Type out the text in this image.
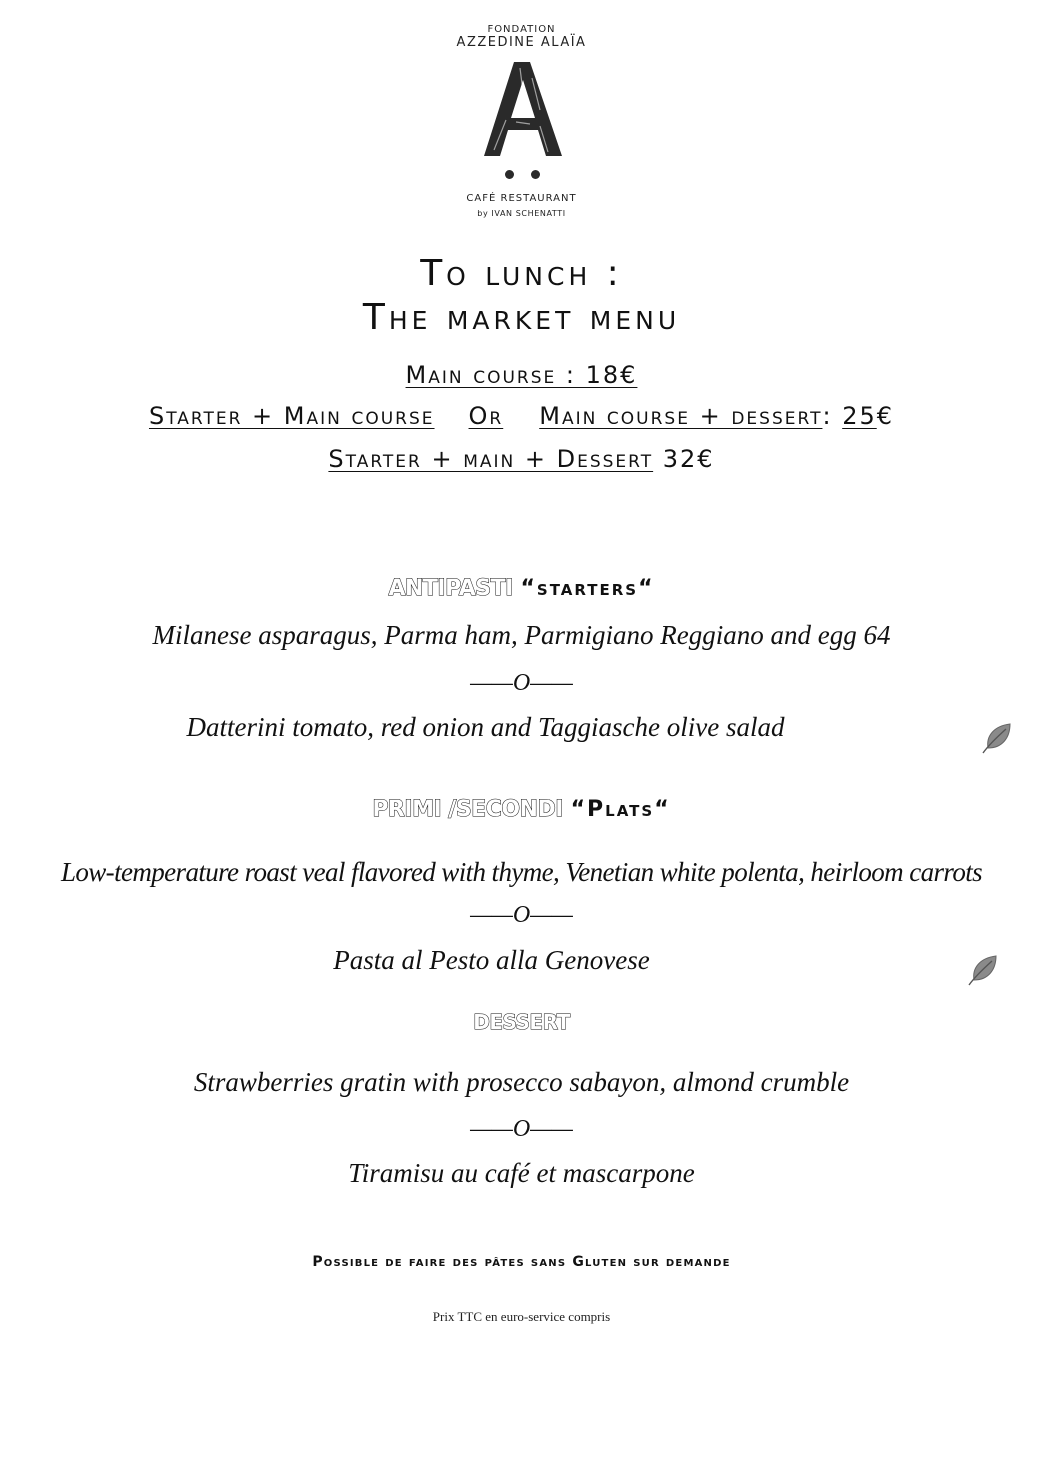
FONDATION
AZZEDINE ALAÏA
CAFÉ RESTAURANT
by IVAN SCHENATTI
To lunch :
The market menu
Main course : 18€
Starter + Main course Or Main course + dessert: 25€
Starter + main + Dessert 32€
ANTIPASTI “starters“
Milanese asparagus, Parma ham, Parmigiano Reggiano and egg 64
——O——
Datterini tomato, red onion and Taggiasche olive salad
PRIMI /SECONDI “Plats“
Low-temperature roast veal flavored with thyme, Venetian white polenta, heirloom carrots
——O——
Pasta al Pesto alla Genovese
DESSERT
Strawberries gratin with prosecco sabayon, almond crumble
——O——
Tiramisu au café et mascarpone
Possible de faire des pâtes sans Gluten sur demande
Prix TTC en euro-service compris
